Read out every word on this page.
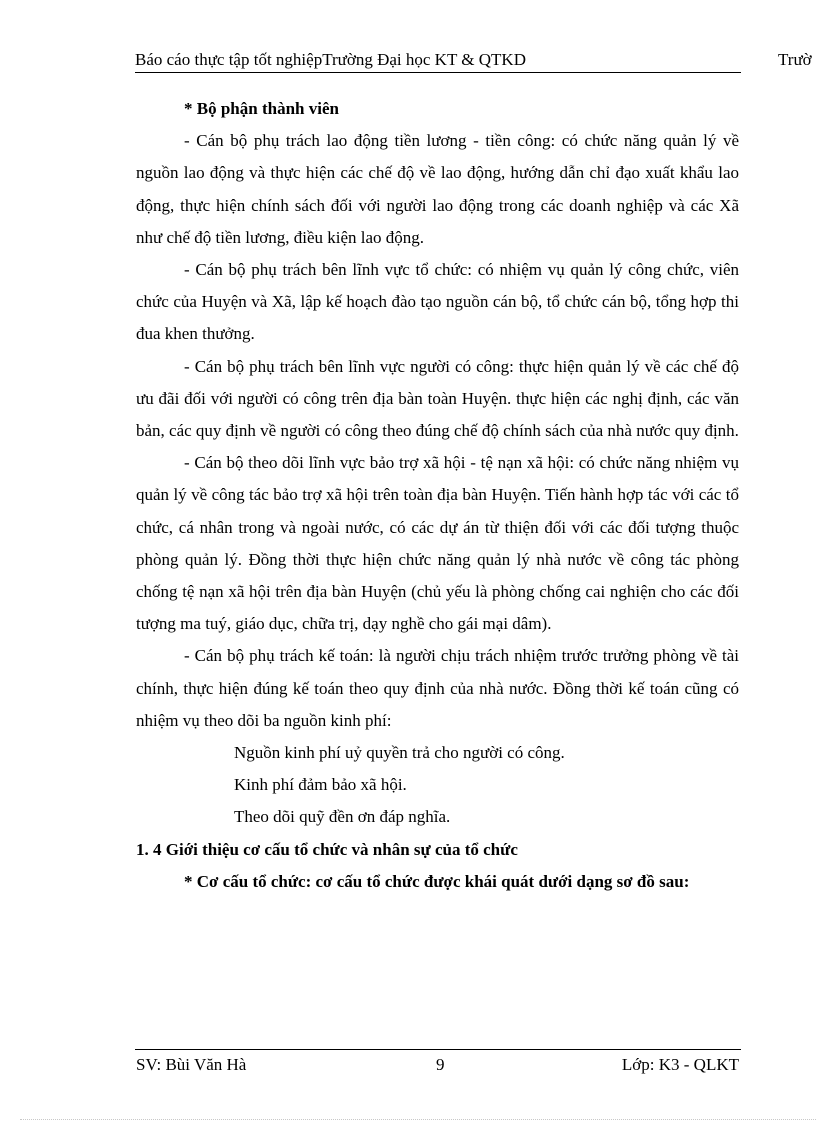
Báo cáo thực tập tốt nghiệpTrường Đại học KT & QTKD	Trườ

* Bộ phận thành viên

- Cán bộ phụ trách lao động tiền lương - tiền công: có chức năng quản lý về nguồn lao động và thực hiện các chế độ về lao động, hướng dẫn chỉ đạo xuất khẩu lao động, thực hiện chính sách đối với người lao động trong các doanh nghiệp và các Xã như chế độ tiền lương, điều kiện lao động.

- Cán bộ phụ trách bên lĩnh vực tổ chức: có nhiệm vụ quản lý công chức, viên chức của Huyện và Xã, lập kế hoạch đào tạo nguồn cán bộ, tổ chức cán bộ, tổng hợp thi đua khen thưởng.

- Cán bộ phụ trách bên lĩnh vực người có công: thực hiện quản lý về các chế độ ưu đãi đối với người có công trên địa bàn toàn Huyện. thực hiện các nghị định, các văn bản, các quy định về người có công theo đúng chế độ chính sách của nhà nước quy định.

- Cán bộ theo dõi lĩnh vực bảo trợ xã hội - tệ nạn xã hội: có chức năng nhiệm vụ quản lý về công tác bảo trợ xã hội trên toàn địa bàn Huyện. Tiến hành hợp tác với các tổ chức, cá nhân trong và ngoài nước, có các dự án từ thiện đối với các đối tượng thuộc phòng quản lý. Đồng thời thực hiện chức năng quản lý nhà nước về công tác phòng chống tệ nạn xã hội trên địa bàn Huyện (chủ yếu là phòng chống cai nghiện cho các đối tượng ma tuý, giáo dục, chữa trị, dạy nghề cho gái mại dâm).

- Cán bộ phụ trách kế toán: là người chịu trách nhiệm trước trưởng phòng về tài chính, thực hiện đúng kế toán theo quy định của nhà nước. Đồng thời kế toán cũng có nhiệm vụ theo dõi ba nguồn kinh phí:

Nguồn kinh phí uỷ quyền trả cho người có công.

Kinh phí đảm bảo xã hội.

Theo dõi quỹ đền ơn đáp nghĩa.

1. 4 Giới thiệu cơ cấu tổ chức và nhân sự của tổ chức

* Cơ cấu tổ chức: cơ cấu tổ chức được khái quát dưới dạng sơ đồ sau:

SV: Bùi Văn Hà	9	Lớp: K3 - QLKT
